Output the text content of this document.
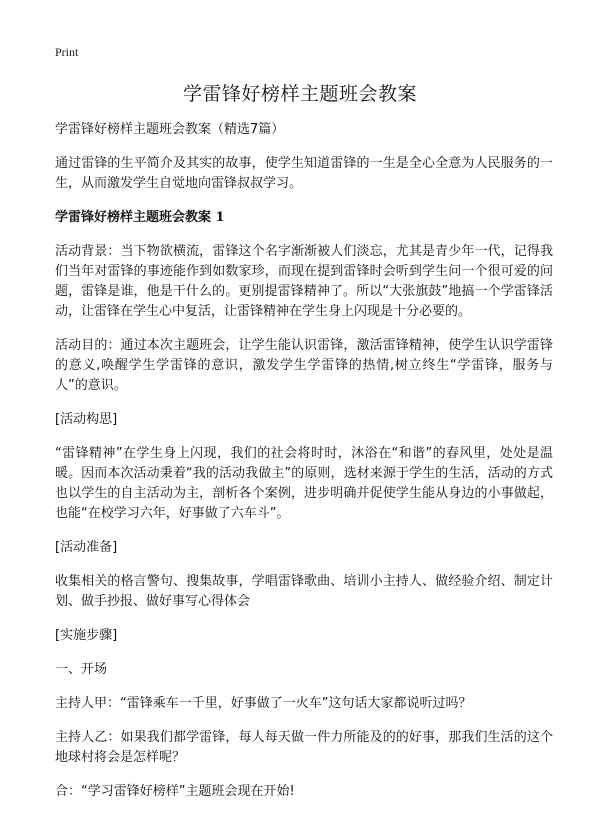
Print
学雷锋好榜样主题班会教案

学雷锋好榜样主题班会教案（精选7篇）

通过雷锋的生平简介及其实的故事，使学生知道雷锋的一生是全心全意为人民服务的一生，从而激发学生自觉地向雷锋叔叔学习。

学雷锋好榜样主题班会教案 1

活动背景：当下物欲横流，雷锋这个名字渐渐被人们淡忘，尤其是青少年一代，记得我们当年对雷锋的事迹能作到如数家珍，而现在提到雷锋时会听到学生问一个很可爱的问题，雷锋是谁，他是干什么的。更别提雷锋精神了。所以“大张旗鼓”地搞一个学雷锋活动，让雷锋在学生心中复活，让雷锋精神在学生身上闪现是十分必要的。

活动目的：通过本次主题班会，让学生能认识雷锋，激活雷锋精神，使学生认识学雷锋的意义,唤醒学生学雷锋的意识，激发学生学雷锋的热情,树立终生“学雷锋，服务与人”的意识。

[活动构思]

“雷锋精神”在学生身上闪现，我们的社会将时时，沐浴在“和谐”的春风里，处处是温暖。因而本次活动秉着“我的活动我做主”的原则，选材来源于学生的生活，活动的方式也以学生的自主活动为主，剖析各个案例，进步明确并促使学生能从身边的小事做起，也能“在校学习六年，好事做了六车斗”。

[活动准备]

收集相关的格言警句、搜集故事，学唱雷锋歌曲、培训小主持人、做经验介绍、制定计划、做手抄报、做好事写心得体会

[实施步骤]

一、开场

主持人甲：“雷锋乘车一千里，好事做了一火车”这句话大家都说听过吗？

主持人乙：如果我们都学雷锋，每人每天做一件力所能及的的好事，那我们生活的这个地球村将会是怎样呢？

合：“学习雷锋好榜样”主题班会现在开始!
